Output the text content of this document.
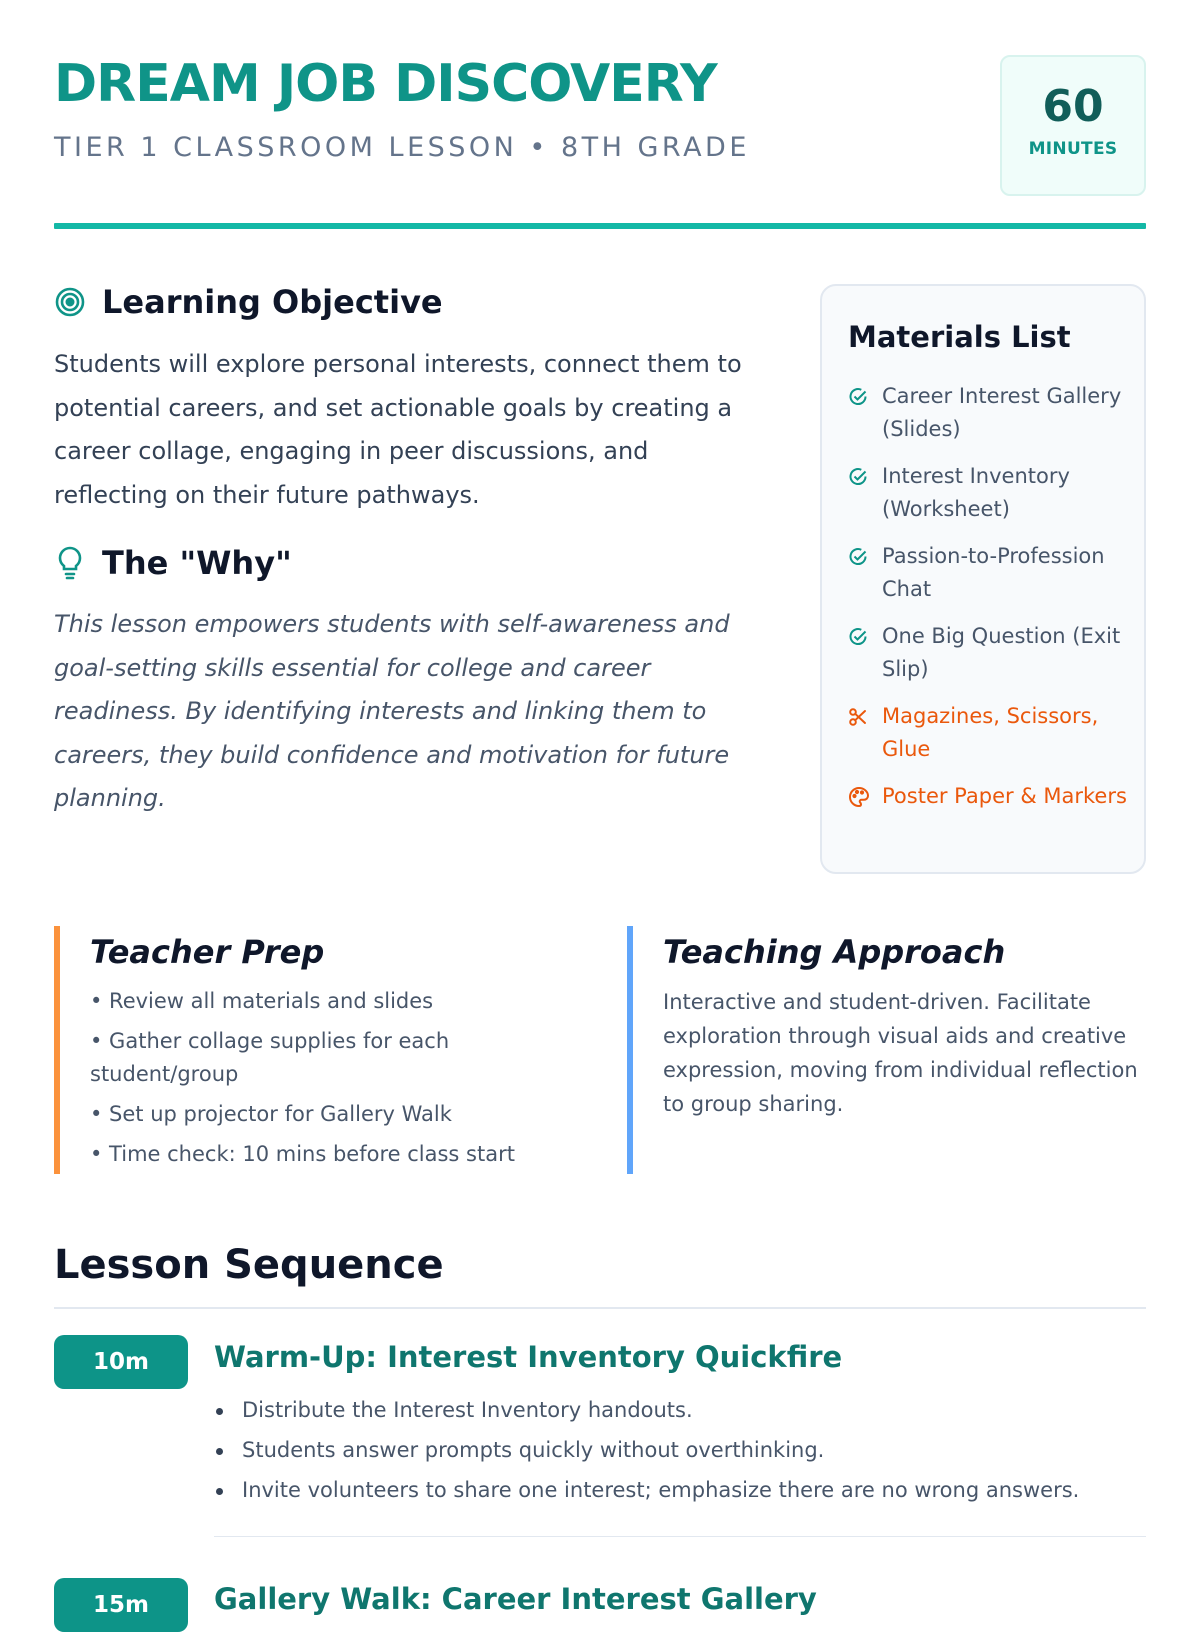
DREAM JOB DISCOVERY
TIER 1 CLASSROOM LESSON • 8TH GRADE
60
MINUTES
Learning Objective
Students will explore personal interests, connect them to potential careers, and set actionable goals by creating a career collage, engaging in peer discussions, and reflecting on their future pathways.
The "Why"
This lesson empowers students with self-awareness and goal-setting skills essential for college and career readiness. By identifying interests and linking them to careers, they build confidence and motivation for future planning.
Materials List
Career Interest Gallery (Slides)
Interest Inventory (Worksheet)
Passion-to-Profession Chat
One Big Question (Exit Slip)
Magazines, Scissors, Glue
Poster Paper & Markers
Teacher Prep
• Review all materials and slides
• Gather collage supplies for each student/group
• Set up projector for Gallery Walk
• Time check: 10 mins before class start
Teaching Approach

Interactive and student-driven. Facilitate exploration through visual aids and creative expression, moving from individual reflection to group sharing.

Lesson Sequence
10m	Warm-Up: Interest Inventory Quickfire
Distribute the Interest Inventory handouts.
Students answer prompts quickly without overthinking.
Invite volunteers to share one interest; emphasize there are no wrong answers.
15m	Gallery Walk: Career Interest Gallery
